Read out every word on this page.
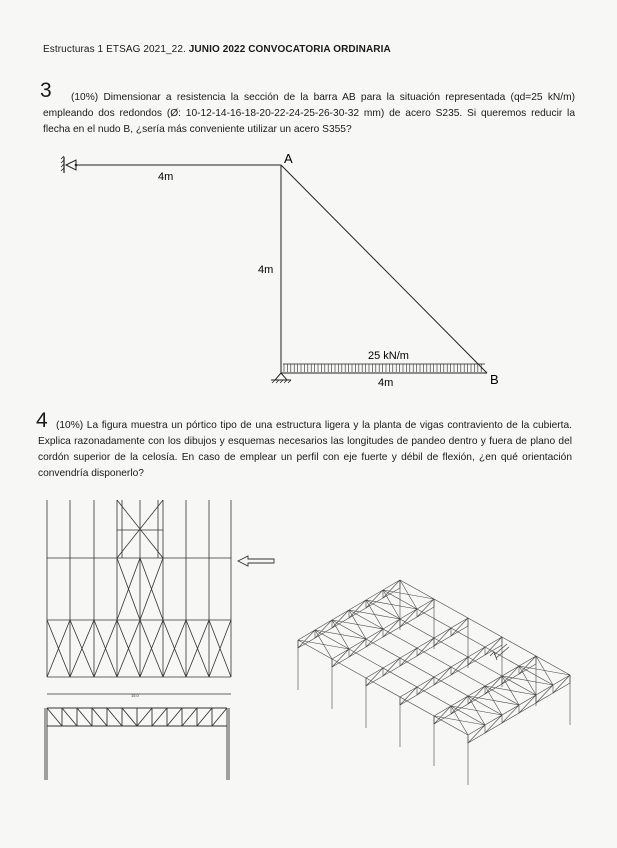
Estructuras 1 ETSAG 2021_22. JUNIO 2022 CONVOCATORIA ORDINARIA
3	(10%) Dimensionar a resistencia la sección de la barra AB para la situación representada (qd=25 kN/m) empleando dos redondos (Ø: 10-12-14-16-18-20-22-24-25-26-30-32 mm) de acero S235. Si queremos reducir la flecha en el nudo B, ¿sería más conveniente utilizar un acero S355?
4m
4m
25 kN/m
4m
A
B
4 (10%) La figura muestra un pórtico tipo de una estructura ligera y la planta de vigas contraviento de la cubierta. Explica razonadamente con los dibujos y esquemas necesarios las longitudes de pandeo dentro y fuera de plano del cordón superior de la celosía. En caso de emplear un perfil con eje fuerte y débil de flexión, ¿en qué orientación convendría disponerlo?
15.0
